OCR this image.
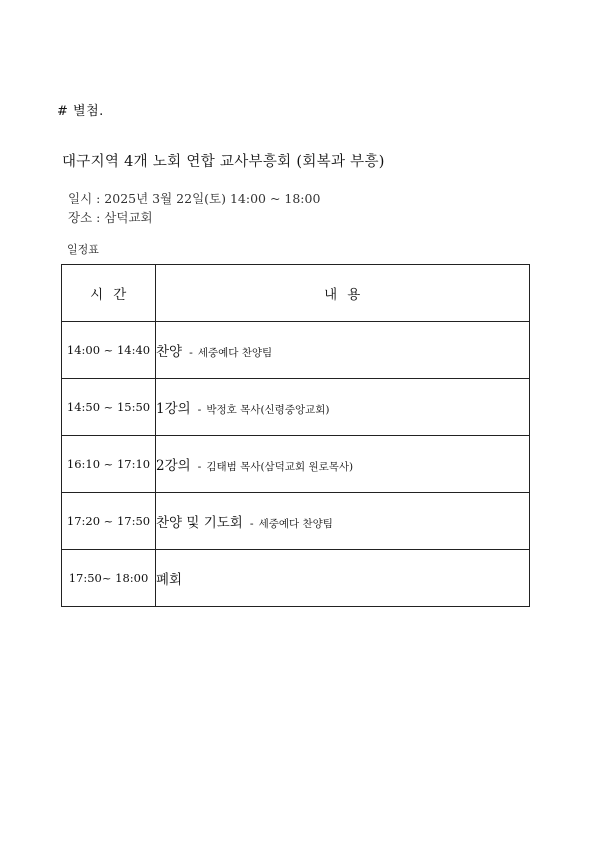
# 별첨.
대구지역 4개 노회 연합 교사부흥회 (회복과 부흥)
일시 : 2025년 3월 22일(토) 14:00 ~ 18:00
장소 : 삼덕교회
일정표
시  간	내  용
14:00 ~ 14:40	찬양 - 세중예다 찬양팀
14:50 ~ 15:50	1강의 - 박정호 목사(신령중앙교회)
16:10 ~ 17:10	2강의 - 김태범 목사(삼덕교회 원로목사)
17:20 ~ 17:50	찬양 및 기도회 - 세중예다 찬양팀
17:50~ 18:00	폐회
